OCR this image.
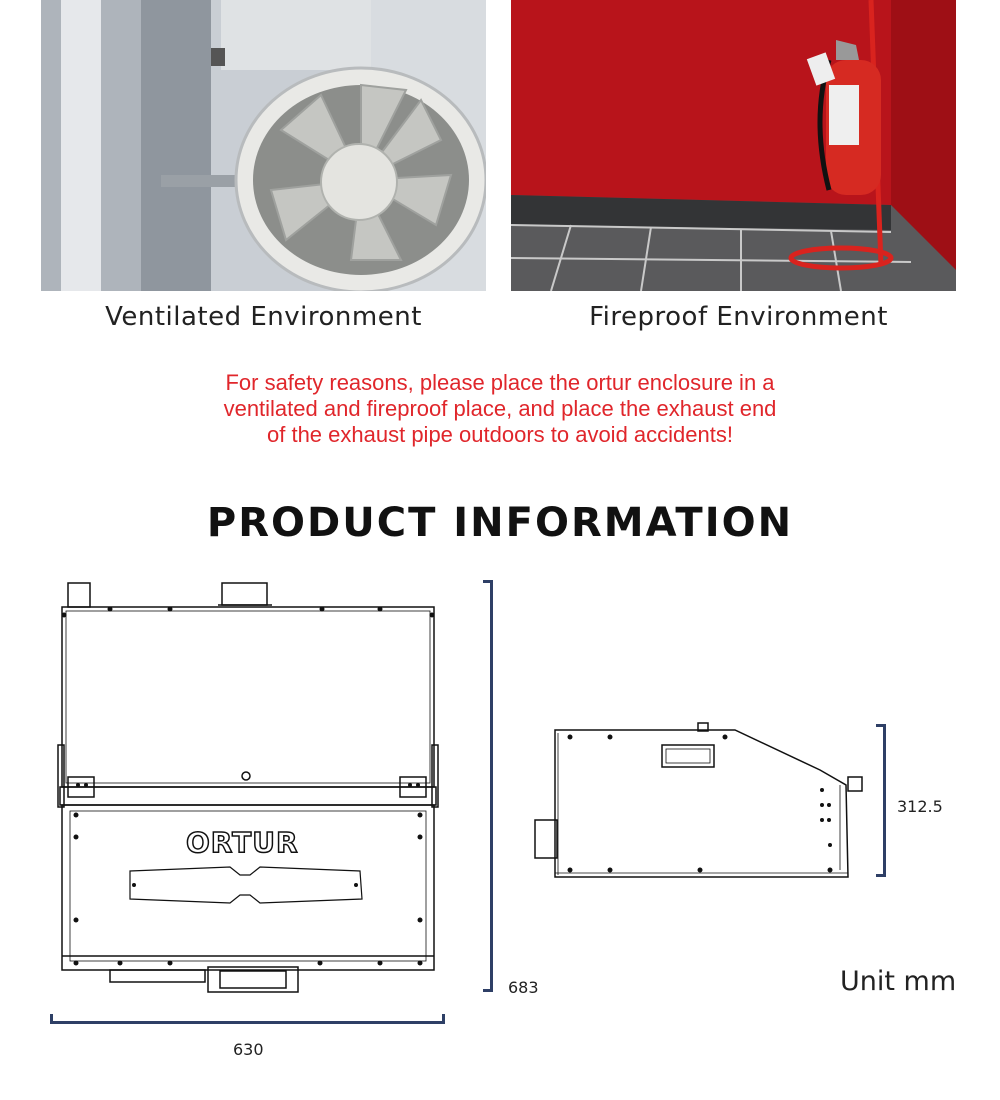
Ventilated Environment	Fireproof Environment
For safety reasons, please place the ortur enclosure in a
ventilated and fireproof place, and place the exhaust end
of the exhaust pipe outdoors to avoid accidents!
PRODUCT INFORMATION
ORTUR
630
683
312.5
Unit mm
